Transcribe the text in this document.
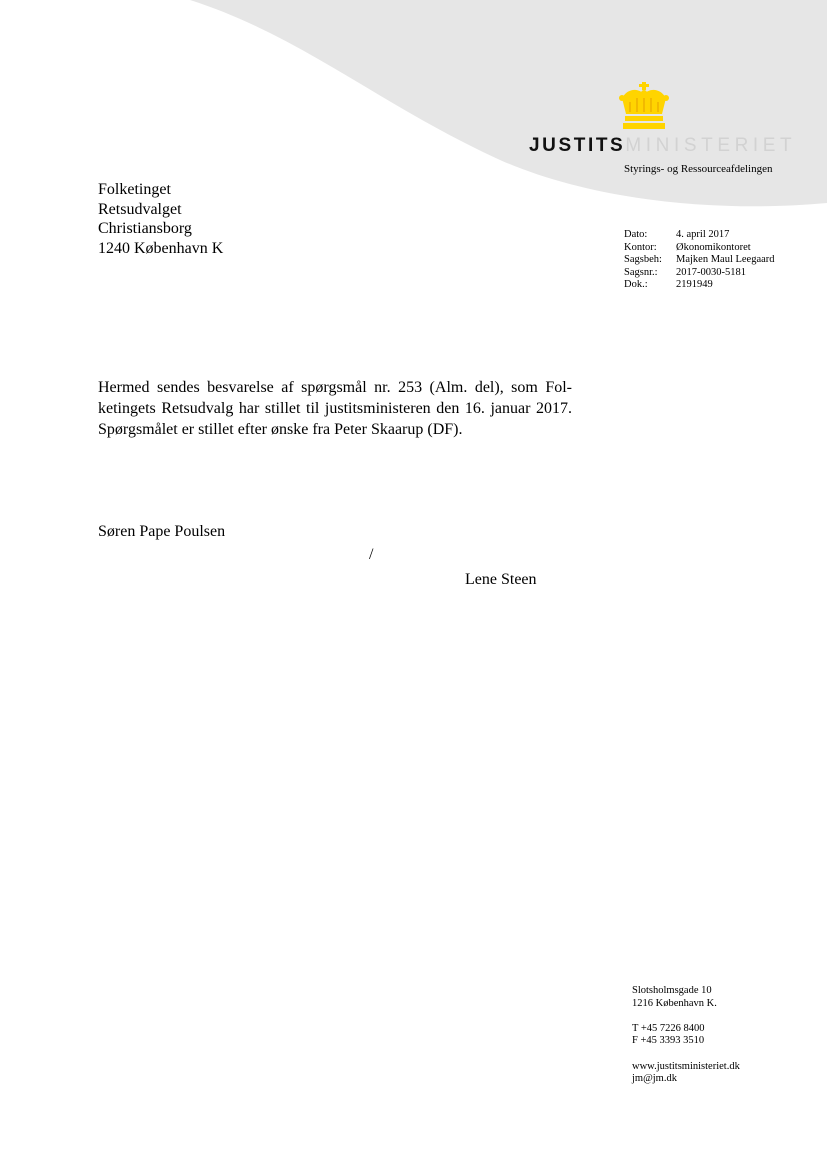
JUSTITSMINISTERIET
Styrings- og Ressourceafdelingen
Folketinget
Retsudvalget
Christiansborg
1240 København K
Dato:	4. april 2017
Kontor:	Økonomikontoret
Sagsbeh:	Majken Maul Leegaard
Sagsnr.:	2017-0030-5181
Dok.:	2191949

Hermed sendes besvarelse af spørgsmål nr. 253 (Alm. del), som Folketingets Retsudvalg har stillet til justitsministeren den 16. januar 2017. Spørgsmålet er stillet efter ønske fra Peter Skaarup (DF).

Søren Pape Poulsen
/
Lene Steen
Slotsholmsgade 10
1216 København K.
T +45 7226 8400
F +45 3393 3510
www.justitsministeriet.dk
jm@jm.dk
